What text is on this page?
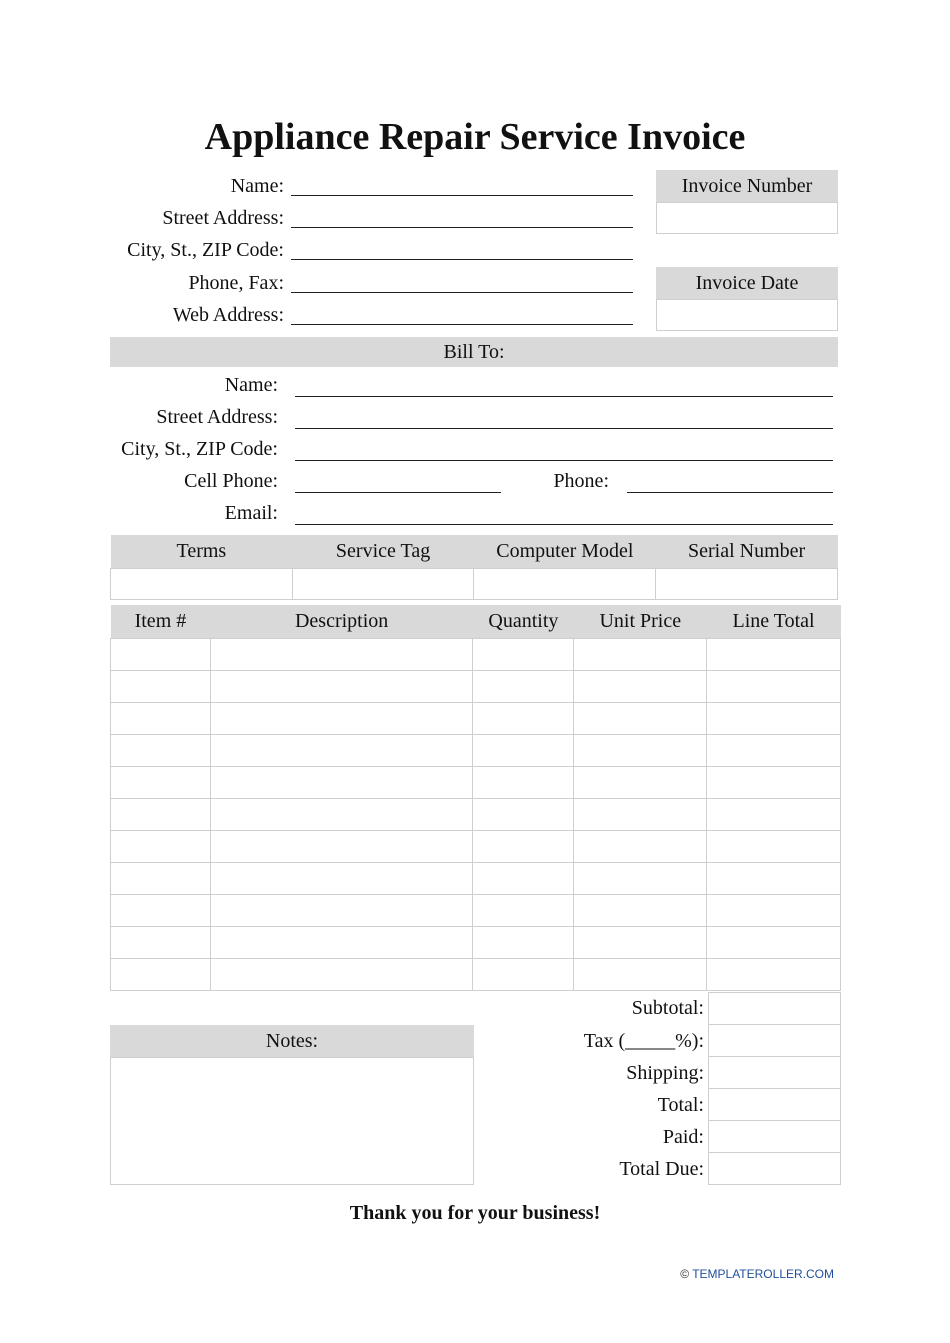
Appliance Repair Service Invoice
Name:
Street Address:
City, St., ZIP Code:
Phone, Fax:
Web Address:
Invoice Number
Invoice Date
Bill To:
Name:
Street Address:
City, St., ZIP Code:
Cell Phone:	Phone:
Email:
Terms	Service Tag	Computer Model	Serial Number

Item #	Description	Quantity	Unit Price	Line Total

Notes:
Subtotal:
Tax (_____%):
Shipping:
Total:
Paid:
Total Due:
Thank you for your business!
© TEMPLATEROLLER.COM
